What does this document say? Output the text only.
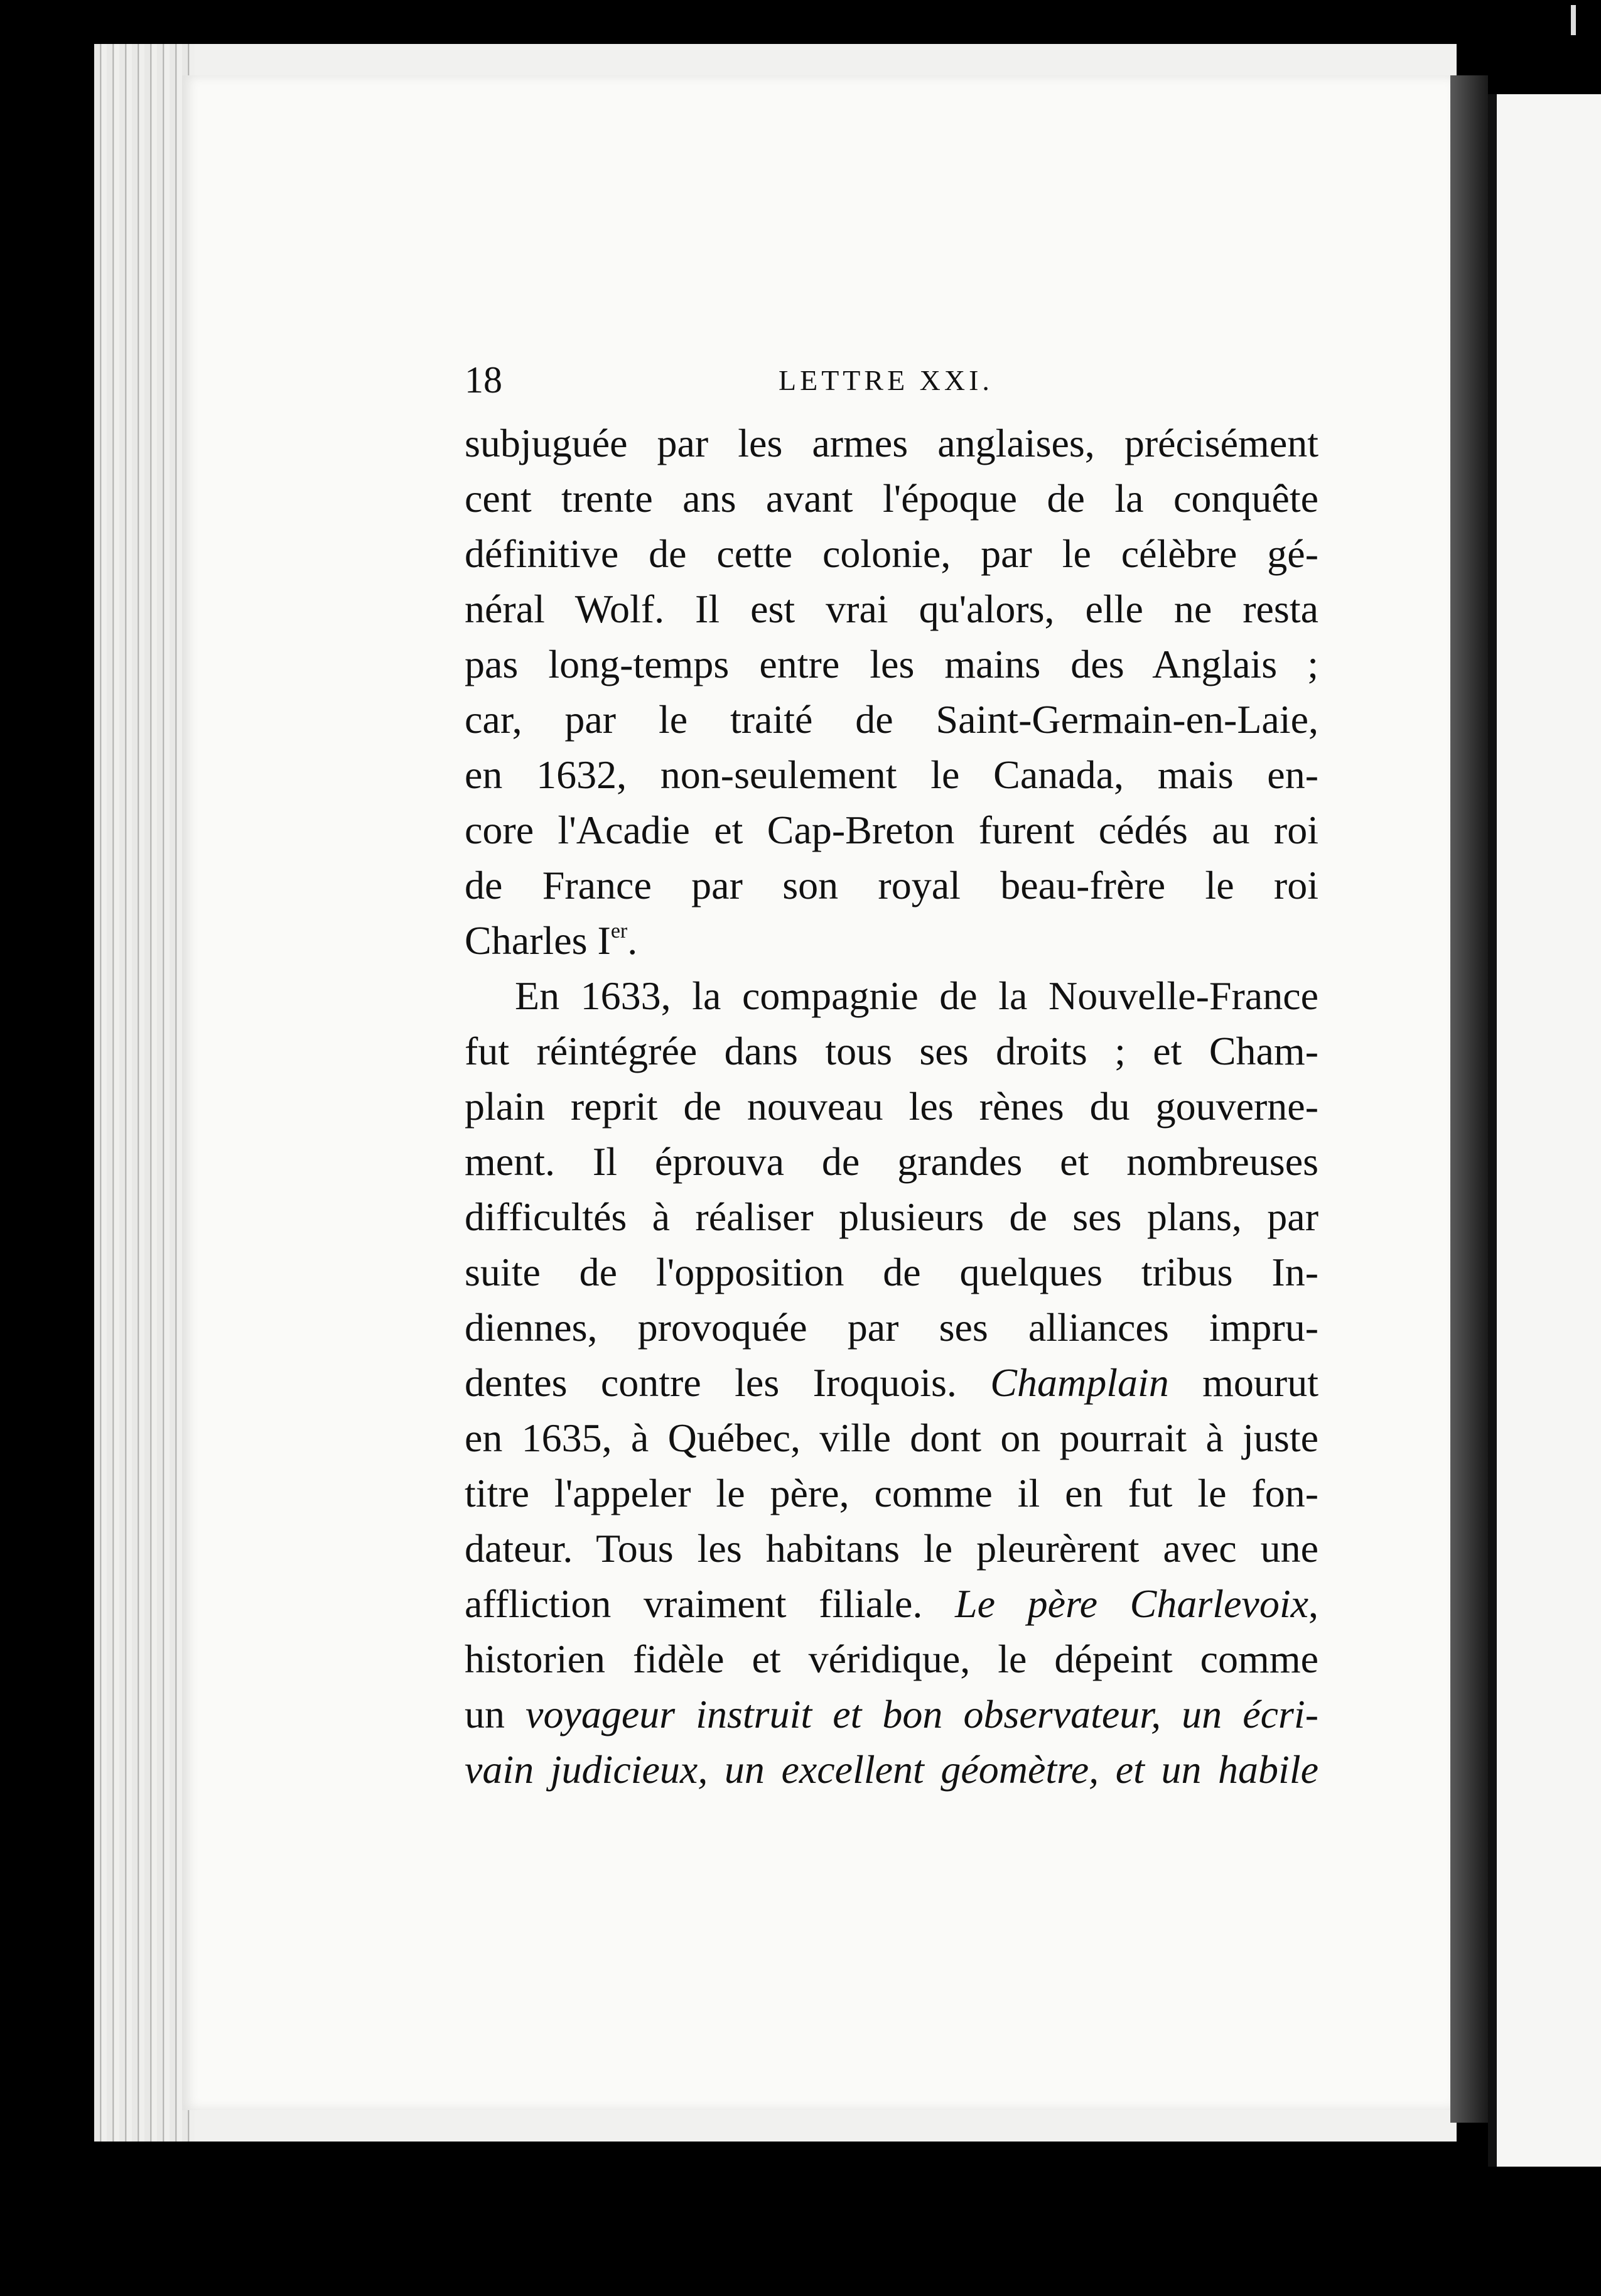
18	LETTRE XXI.
subjuguée par les armes anglaises, précisément
cent trente ans avant l'époque de la conquête
définitive de cette colonie, par le célèbre gé-
néral Wolf. Il est vrai qu'alors, elle ne resta
pas long-temps entre les mains des Anglais ;
car, par le traité de Saint-Germain-en-Laie,
en 1632, non-seulement le Canada, mais en-
core l'Acadie et Cap-Breton furent cédés au roi
de France par son royal beau-frère le roi
Charles Ier.
En 1633, la compagnie de la Nouvelle-France
fut réintégrée dans tous ses droits ; et Cham-
plain reprit de nouveau les rènes du gouverne-
ment. Il éprouva de grandes et nombreuses
difficultés à réaliser plusieurs de ses plans, par
suite de l'opposition de quelques tribus In-
diennes, provoquée par ses alliances impru-
dentes contre les Iroquois. Champlain mourut
en 1635, à Québec, ville dont on pourrait à juste
titre l'appeler le père, comme il en fut le fon-
dateur. Tous les habitans le pleurèrent avec une
affliction vraiment filiale. Le père Charlevoix,
historien fidèle et véridique, le dépeint comme
un voyageur instruit et bon observateur, un écri-
vain judicieux, un excellent géomètre, et un habile
